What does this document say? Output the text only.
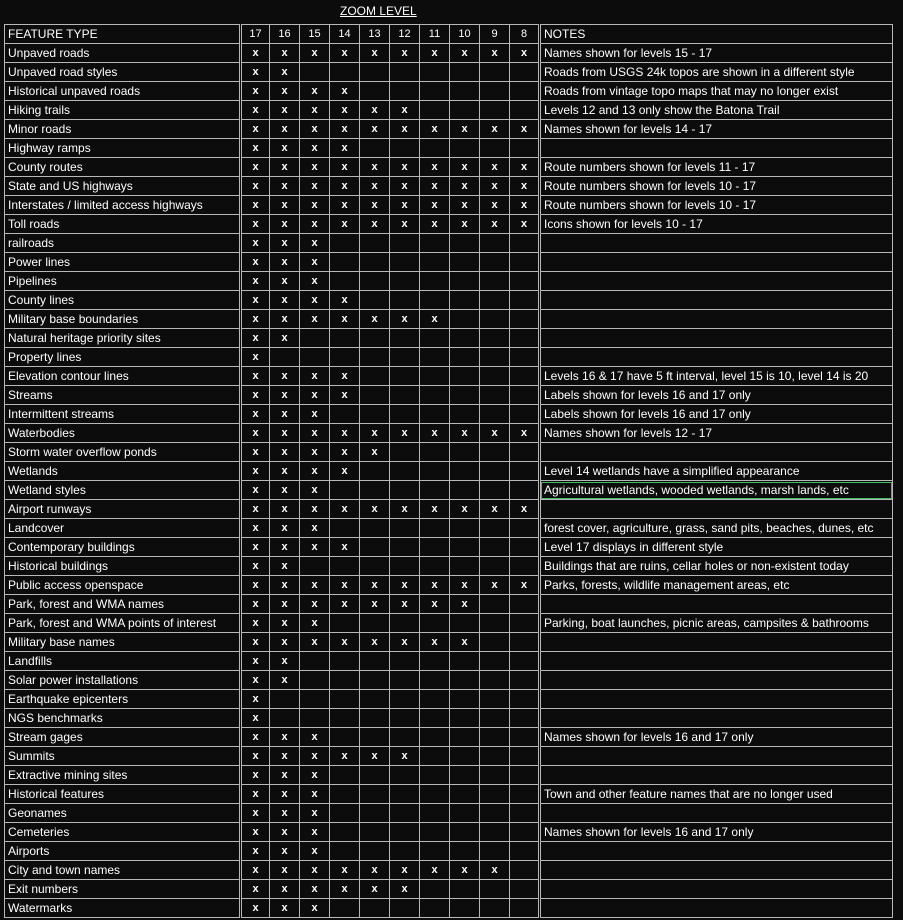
ZOOM LEVEL
FEATURE TYPE	17	16	15	14	13	12	11	10	9	8	NOTES
Unpaved roads	x	x	x	x	x	x	x	x	x	x	Names shown for levels 15 - 17
Unpaved road styles	x	x									Roads from USGS 24k topos are shown in a different style
Historical unpaved roads	x	x	x	x							Roads from vintage topo maps that may no longer exist
Hiking trails	x	x	x	x	x	x					Levels 12 and 13 only show the Batona Trail
Minor roads	x	x	x	x	x	x	x	x	x	x	Names shown for levels 14 - 17
Highway ramps	x	x	x	x							
County routes	x	x	x	x	x	x	x	x	x	x	Route numbers shown for levels 11 - 17
State and US highways	x	x	x	x	x	x	x	x	x	x	Route numbers shown for levels 10 - 17
Interstates / limited access highways	x	x	x	x	x	x	x	x	x	x	Route numbers shown for levels 10 - 17
Toll roads	x	x	x	x	x	x	x	x	x	x	Icons shown for levels 10 - 17
railroads	x	x	x								
Power lines	x	x	x								
Pipelines	x	x	x								
County lines	x	x	x	x							
Military base boundaries	x	x	x	x	x	x	x				
Natural heritage priority sites	x	x									
Property lines	x										
Elevation contour lines	x	x	x	x							Levels 16 & 17 have 5 ft interval, level 15 is 10, level 14 is 20
Streams	x	x	x	x							Labels shown for levels 16 and 17 only
Intermittent streams	x	x	x								Labels shown for levels 16 and 17 only
Waterbodies	x	x	x	x	x	x	x	x	x	x	Names shown for levels 12 - 17
Storm water overflow ponds	x	x	x	x	x						
Wetlands	x	x	x	x							Level 14 wetlands have a simplified appearance
Wetland styles	x	x	x								Agricultural wetlands, wooded wetlands, marsh lands, etc
Airport runways	x	x	x	x	x	x	x	x	x	x	
Landcover	x	x	x								forest cover, agriculture, grass, sand pits, beaches, dunes, etc
Contemporary buildings	x	x	x	x							Level 17 displays in different style
Historical buildings	x	x									Buildings that are ruins, cellar holes or non-existent today
Public access openspace	x	x	x	x	x	x	x	x	x	x	Parks, forests, wildlife management areas, etc
Park, forest and WMA names	x	x	x	x	x	x	x	x			
Park, forest and WMA points of interest	x	x	x								Parking, boat launches, picnic areas, campsites & bathrooms
Military base names	x	x	x	x	x	x	x	x			
Landfills	x	x									
Solar power installations	x	x									
Earthquake epicenters	x										
NGS benchmarks	x										
Stream gages	x	x	x								Names shown for levels 16 and 17 only
Summits	x	x	x	x	x	x					
Extractive mining sites	x	x	x								
Historical features	x	x	x								Town and other feature names that are no longer used
Geonames	x	x	x								
Cemeteries	x	x	x								Names shown for levels 16 and 17 only
Airports	x	x	x								
City and town names	x	x	x	x	x	x	x	x	x		
Exit numbers	x	x	x	x	x	x					
Watermarks	x	x	x								
